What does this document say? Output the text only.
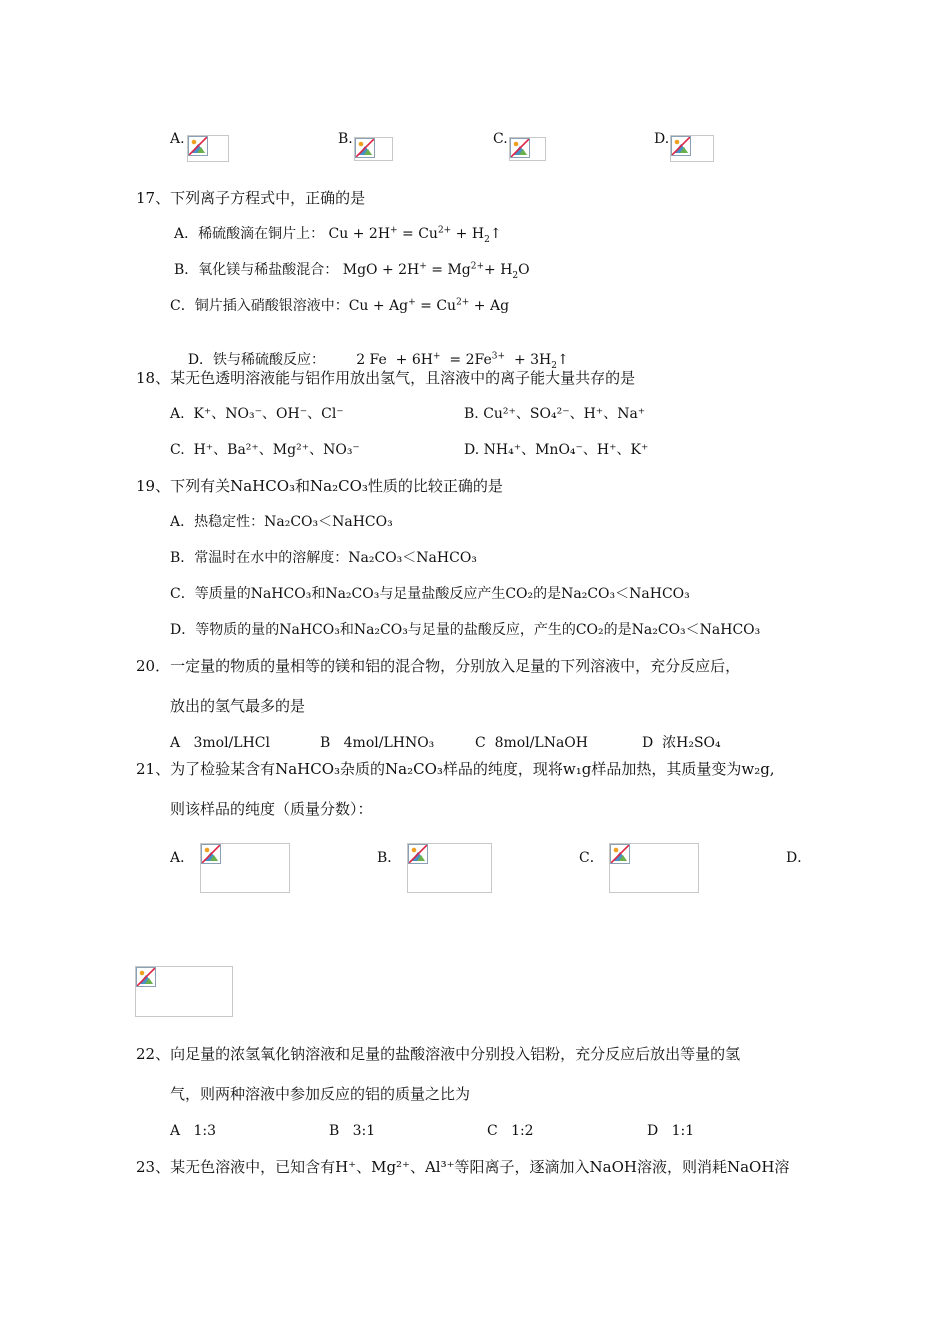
A.	B.	C.	D.
17、下列离子方程式中，正确的是
A．稀硫酸滴在铜片上： $Cu + 2H^+ = Cu^{2+}$ + $H_2↑$
B．氧化镁与稀盐酸混合： MgO + $2H^+ = Mg^{2+}+ H_2O$
C．铜片插入硝酸银溶液中：$Cu + Ag^+ = Cu^{2+} + Ag$

D．铁与稀硫酸反应：       2 $Fe + 6H^+ = 2Fe^{3+}$  + $3H_2↑$

18、某无色透明溶液能与铝作用放出氢气，且溶液中的离子能大量共存的是
A.  K⁺、NO₃⁻、OH⁻、Cl⁻	B. Cu²⁺、SO₄²⁻、H⁺、Na⁺
C.  H⁺、Ba²⁺、Mg²⁺、NO₃⁻	D. NH₄⁺、MnO₄⁻、H⁺、K⁺
19、下列有关NaHCO₃和Na₂CO₃性质的比较正确的是
A．热稳定性：Na₂CO₃＜NaHCO₃
B．常温时在水中的溶解度：Na₂CO₃＜NaHCO₃
C．等质量的NaHCO₃和Na₂CO₃与足量盐酸反应产生CO₂的是Na₂CO₃＜NaHCO₃
D．等物质的量的NaHCO₃和Na₂CO₃与足量的盐酸反应，产生的CO₂的是Na₂CO₃＜NaHCO₃
20．一定量的物质的量相等的镁和铝的混合物，分别放入足量的下列溶液中，充分反应后，
放出的氢气最多的是
A   3mol/LHCl	B   4mol/LHNO₃	C  8mol/LNaOH	D  浓H₂SO₄
21、为了检验某含有NaHCO₃杂质的Na₂CO₃样品的纯度，现将w₁g样品加热，其质量变为w₂g,
则该样品的纯度（质量分数）：
A．	B．	C．	D．
22、向足量的浓氢氧化钠溶液和足量的盐酸溶液中分别投入铝粉，充分反应后放出等量的氢
气，则两种溶液中参加反应的铝的质量之比为
A   1:3	B   3:1	C   1:2	D   1:1
23、某无色溶液中，已知含有H⁺、Mg²⁺、Al³⁺等阳离子，逐滴加入NaOH溶液，则消耗NaOH溶
